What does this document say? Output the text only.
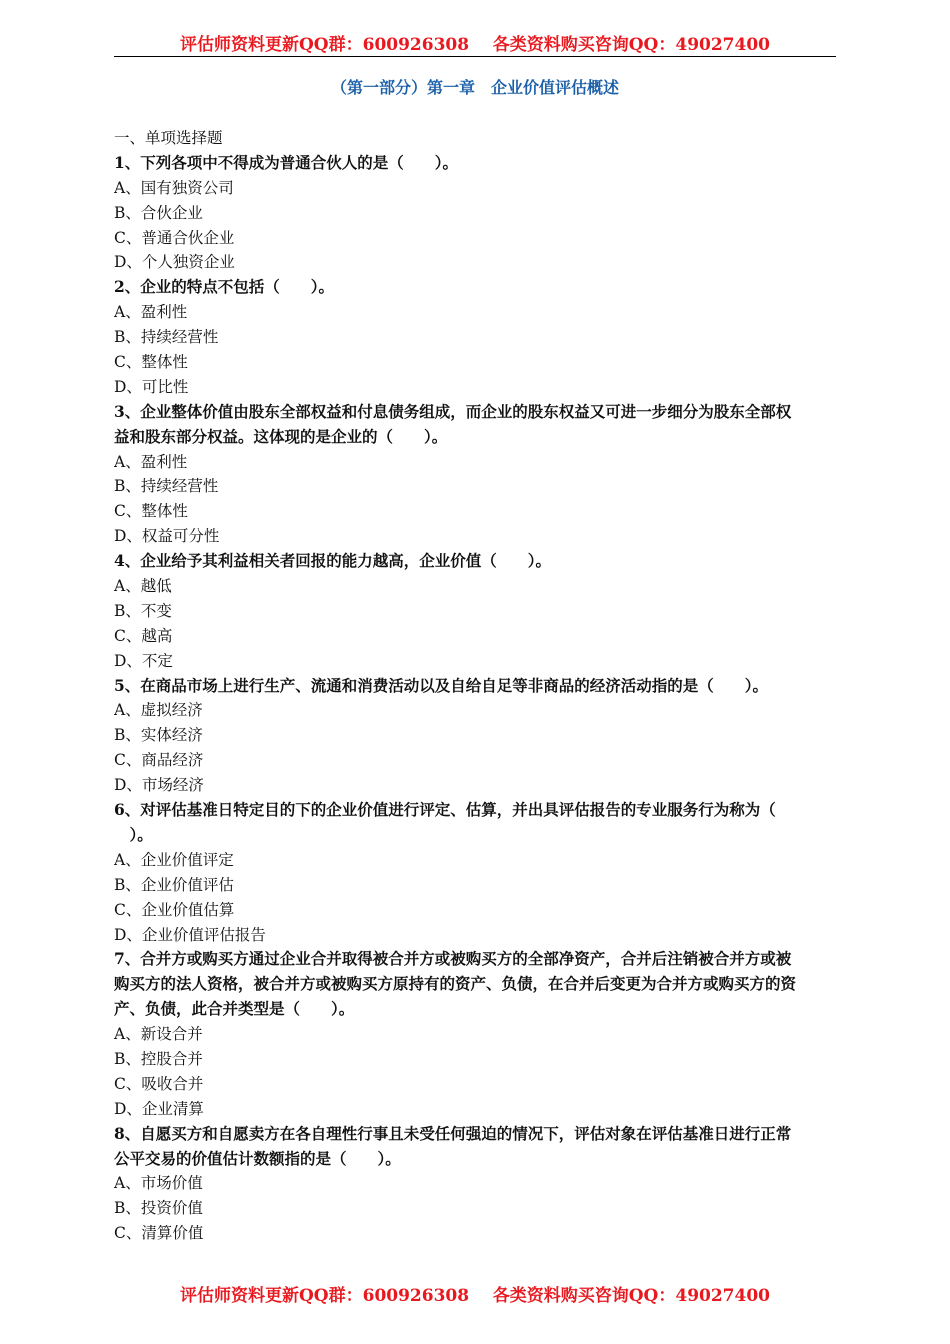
评估师资料更新QQ群：600926308    各类资料购买咨询QQ：49027400
（第一部分）第一章　企业价值评估概述
一、单项选择题
1、下列各项中不得成为普通合伙人的是（　　）。
A、国有独资公司
B、合伙企业
C、普通合伙企业
D、个人独资企业
2、企业的特点不包括（　　）。
A、盈利性
B、持续经营性
C、整体性
D、可比性
3、企业整体价值由股东全部权益和付息债务组成，而企业的股东权益又可进一步细分为股东全部权
益和股东部分权益。这体现的是企业的（　　）。
A、盈利性
B、持续经营性
C、整体性
D、权益可分性
4、企业给予其利益相关者回报的能力越高，企业价值（　　）。
A、越低
B、不变
C、越高
D、不定
5、在商品市场上进行生产、流通和消费活动以及自给自足等非商品的经济活动指的是（　　）。
A、虚拟经济
B、实体经济
C、商品经济
D、市场经济
6、对评估基准日特定目的下的企业价值进行评定、估算，并出具评估报告的专业服务行为称为（
　）。
A、企业价值评定
B、企业价值评估
C、企业价值估算
D、企业价值评估报告
7、合并方或购买方通过企业合并取得被合并方或被购买方的全部净资产，合并后注销被合并方或被
购买方的法人资格，被合并方或被购买方原持有的资产、负债，在合并后变更为合并方或购买方的资
产、负债，此合并类型是（　　）。
A、新设合并
B、控股合并
C、吸收合并
D、企业清算
8、自愿买方和自愿卖方在各自理性行事且未受任何强迫的情况下，评估对象在评估基准日进行正常
公平交易的价值估计数额指的是（　　）。
A、市场价值
B、投资价值
C、清算价值
评估师资料更新QQ群：600926308    各类资料购买咨询QQ：49027400
